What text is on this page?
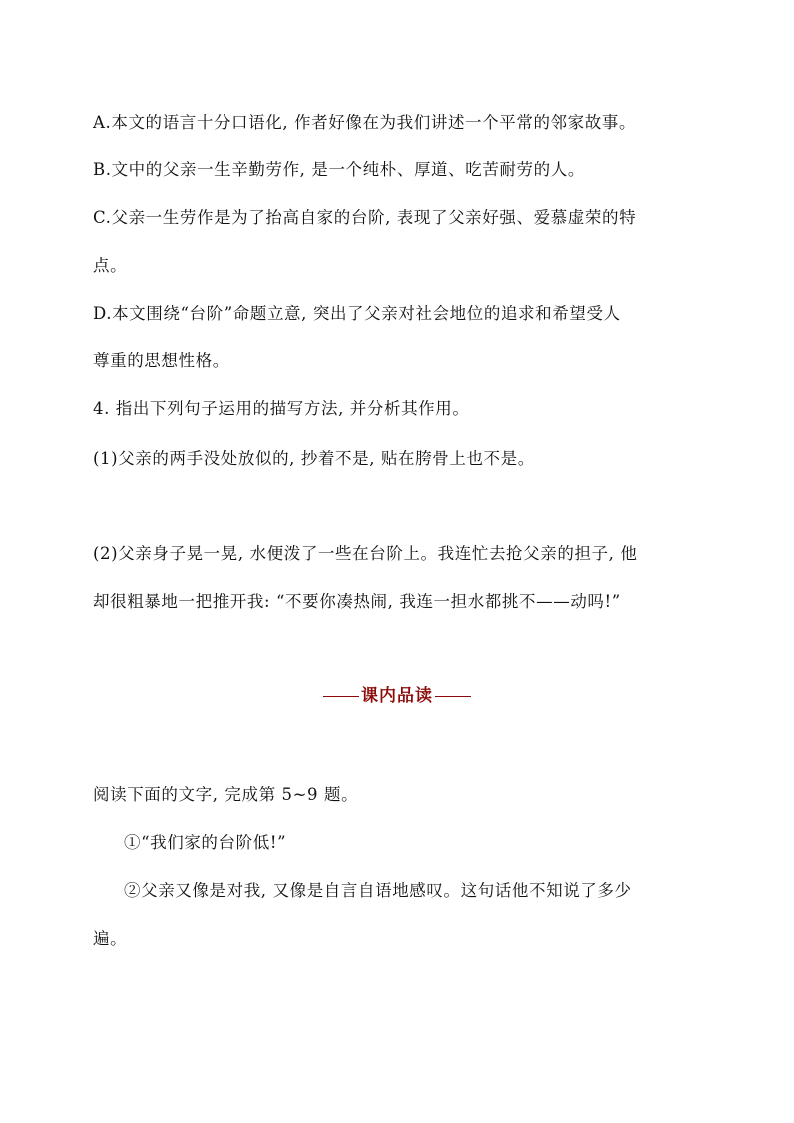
A.本文的语言十分口语化, 作者好像在为我们讲述一个平常的邻家故事。
B.文中的父亲一生辛勤劳作, 是一个纯朴、厚道、吃苦耐劳的人。
C.父亲一生劳作是为了抬高自家的台阶, 表现了父亲好强、爱慕虚荣的特
点。
D.本文围绕“台阶”命题立意, 突出了父亲对社会地位的追求和希望受人
尊重的思想性格。
4. 指出下列句子运用的描写方法, 并分析其作用。
(1)父亲的两手没处放似的, 抄着不是, 贴在胯骨上也不是。
(2)父亲身子晃一晃, 水便泼了一些在台阶上。我连忙去抢父亲的担子, 他
却很粗暴地一把推开我: “不要你凑热闹, 我连一担水都挑不——动吗!”
课内品读
阅读下面的文字, 完成第 5~9 题。
①“我们家的台阶低!”
②父亲又像是对我, 又像是自言自语地感叹。这句话他不知说了多少
遍。
